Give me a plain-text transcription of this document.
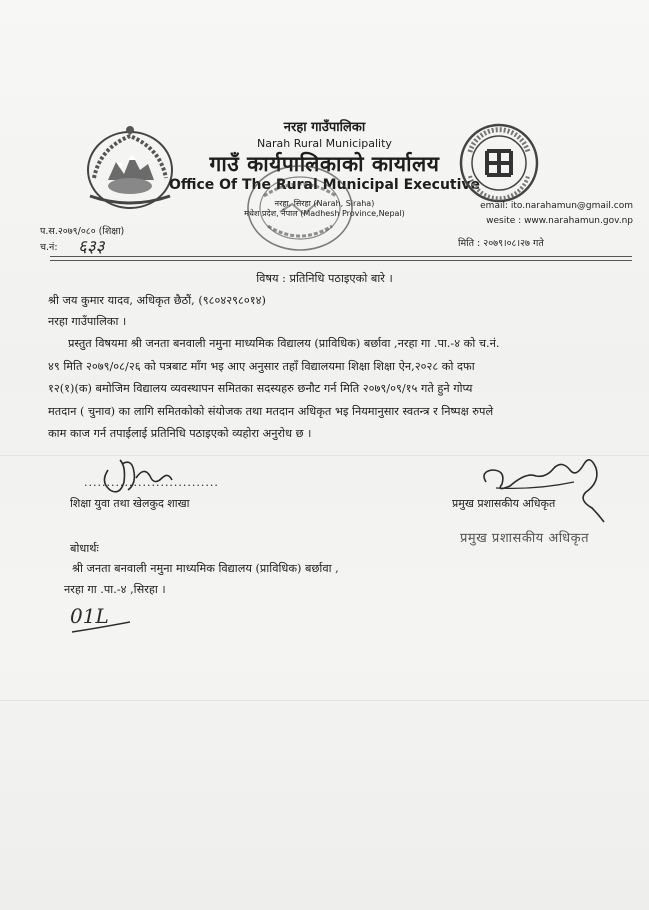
नरहा गाउँपालिका
Narah Rural Municipality
गाउँ कार्यपालिकाको कार्यालय
Office Of The Rural Municipal Executive
नरहा, सिरहा (Narah, Siraha)
मधेश प्रदेश, नेपाल (Madhesh Province,Nepal)
email: ito.narahamun@gmail.com
wesite : www.narahamun.gov.np
प.स.२०७९/०८० (शिक्षा)
च.नं: ६३३	मिति : २०७९।०८।२७ गते
विषय : प्रतिनिधि पठाइएको बारे ।
श्री जय कुमार यादव, अधिकृत छैठौं, (९८०४२९८०१४)
नरहा गाउँपालिका ।
प्रस्तुत विषयमा श्री जनता बनवाली नमुना माध्यमिक विद्यालय (प्राविधिक) बर्छावा ,नरहा गा .पा.-४ को च.नं.
४९ मिति २०७९/०८/२६ को पत्रबाट माँग भइ आए अनुसार तहाँ विद्यालयमा शिक्षा शिक्षा ऐन,२०२८ को दफा
१२(१)(क) बमोजिम विद्यालय व्यवस्थापन समितका सदस्यहरु छनौट गर्न मिति २०७९/०९/१५ गते हुने गोप्य
मतदान ( चुनाव) का लागि समितकोको संयोजक तथा मतदान अधिकृत भइ नियमानुसार स्वतन्त्र र निष्पक्ष रुपले
काम काज गर्न तपाईलाई प्रतिनिधि पठाइएको व्यहोरा अनुरोध छ ।
..............................
शिक्षा युवा तथा खेलकुद शाखा	प्रमुख प्रशासकीय अधिकृत
प्रमुख प्रशासकीय अधिकृत
बोधार्थः
श्री जनता बनवाली नमुना माध्यमिक विद्यालय (प्राविधिक) बर्छावा ,
नरहा गा .पा.-४ ,सिरहा ।
01L
